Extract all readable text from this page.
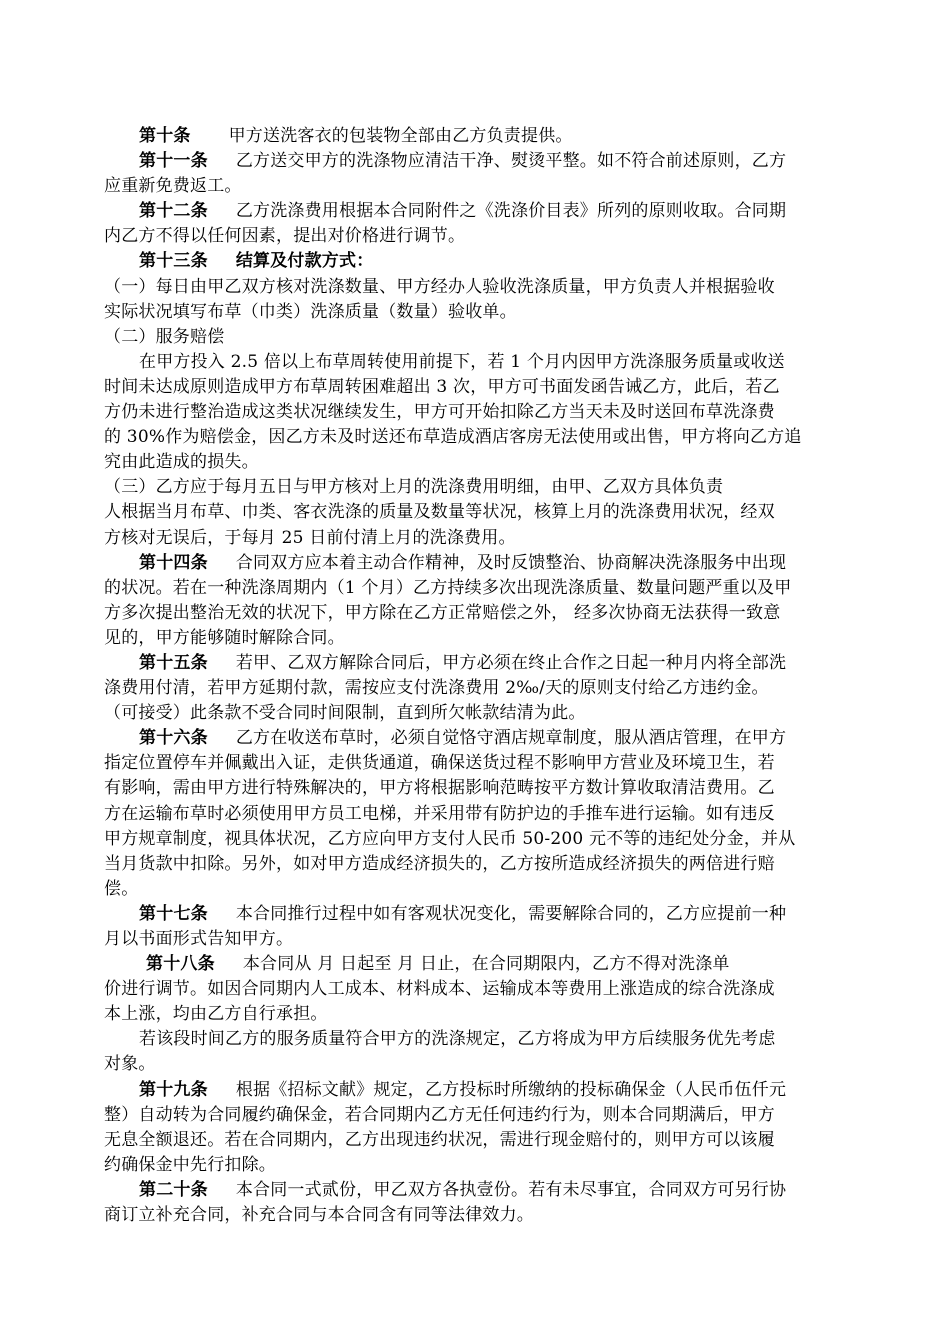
第十条 甲方送洗客衣的包装物全部由乙方负责提供。
第十一条 乙方送交甲方的洗涤物应清洁干净、熨烫平整。如不符合前述原则，乙方
应重新免费返工。
第十二条 乙方洗涤费用根据本合同附件之《洗涤价目表》所列的原则收取。合同期
内乙方不得以任何因素，提出对价格进行调节。
第十三条 结算及付款方式：
（一）每日由甲乙双方核对洗涤数量、甲方经办人验收洗涤质量，甲方负责人并根据验收
实际状况填写布草（巾类）洗涤质量（数量）验收单。
（二）服务赔偿
在甲方投入 2.5 倍以上布草周转使用前提下，若 1 个月内因甲方洗涤服务质量或收送
时间未达成原则造成甲方布草周转困难超出 3 次，甲方可书面发函告诫乙方，此后，若乙
方仍未进行整治造成这类状况继续发生，甲方可开始扣除乙方当天未及时送回布草洗涤费
的 30%作为赔偿金，因乙方未及时送还布草造成酒店客房无法使用或出售，甲方将向乙方追
究由此造成的损失。
（三）乙方应于每月五日与甲方核对上月的洗涤费用明细，由甲、乙双方具体负责
人根据当月布草、巾类、客衣洗涤的质量及数量等状况，核算上月的洗涤费用状况，经双
方核对无误后，于每月 25 日前付清上月的洗涤费用。
第十四条 合同双方应本着主动合作精神，及时反馈整治、协商解决洗涤服务中出现
的状况。若在一种洗涤周期内（1 个月）乙方持续多次出现洗涤质量、数量问题严重以及甲
方多次提出整治无效的状况下，甲方除在乙方正常赔偿之外， 经多次协商无法获得一致意
见的，甲方能够随时解除合同。
第十五条 若甲、乙双方解除合同后，甲方必须在终止合作之日起一种月内将全部洗
涤费用付清，若甲方延期付款，需按应支付洗涤费用 2‰/天的原则支付给乙方违约金。
（可接受）此条款不受合同时间限制，直到所欠帐款结清为此。
第十六条 乙方在收送布草时，必须自觉恪守酒店规章制度，服从酒店管理，在甲方
指定位置停车并佩戴出入证，走供货通道，确保送货过程不影响甲方营业及环境卫生，若
有影响，需由甲方进行特殊解决的，甲方将根据影响范畴按平方数计算收取清洁费用。乙
方在运输布草时必须使用甲方员工电梯，并采用带有防护边的手推车进行运输。如有违反
甲方规章制度，视具体状况，乙方应向甲方支付人民币 50-200 元不等的违纪处分金，并从
当月货款中扣除。另外，如对甲方造成经济损失的，乙方按所造成经济损失的两倍进行赔
偿。
第十七条 本合同推行过程中如有客观状况变化，需要解除合同的，乙方应提前一种
月以书面形式告知甲方。
第十八条 本合同从 月 日起至 月 日止，在合同期限内，乙方不得对洗涤单
价进行调节。如因合同期内人工成本、材料成本、运输成本等费用上涨造成的综合洗涤成
本上涨，均由乙方自行承担。
若该段时间乙方的服务质量符合甲方的洗涤规定，乙方将成为甲方后续服务优先考虑
对象。
第十九条 根据《招标文献》规定，乙方投标时所缴纳的投标确保金（人民币伍仟元
整）自动转为合同履约确保金，若合同期内乙方无任何违约行为，则本合同期满后，甲方
无息全额退还。若在合同期内，乙方出现违约状况，需进行现金赔付的，则甲方可以该履
约确保金中先行扣除。
第二十条 本合同一式贰份，甲乙双方各执壹份。若有未尽事宜，合同双方可另行协
商订立补充合同，补充合同与本合同含有同等法律效力。
